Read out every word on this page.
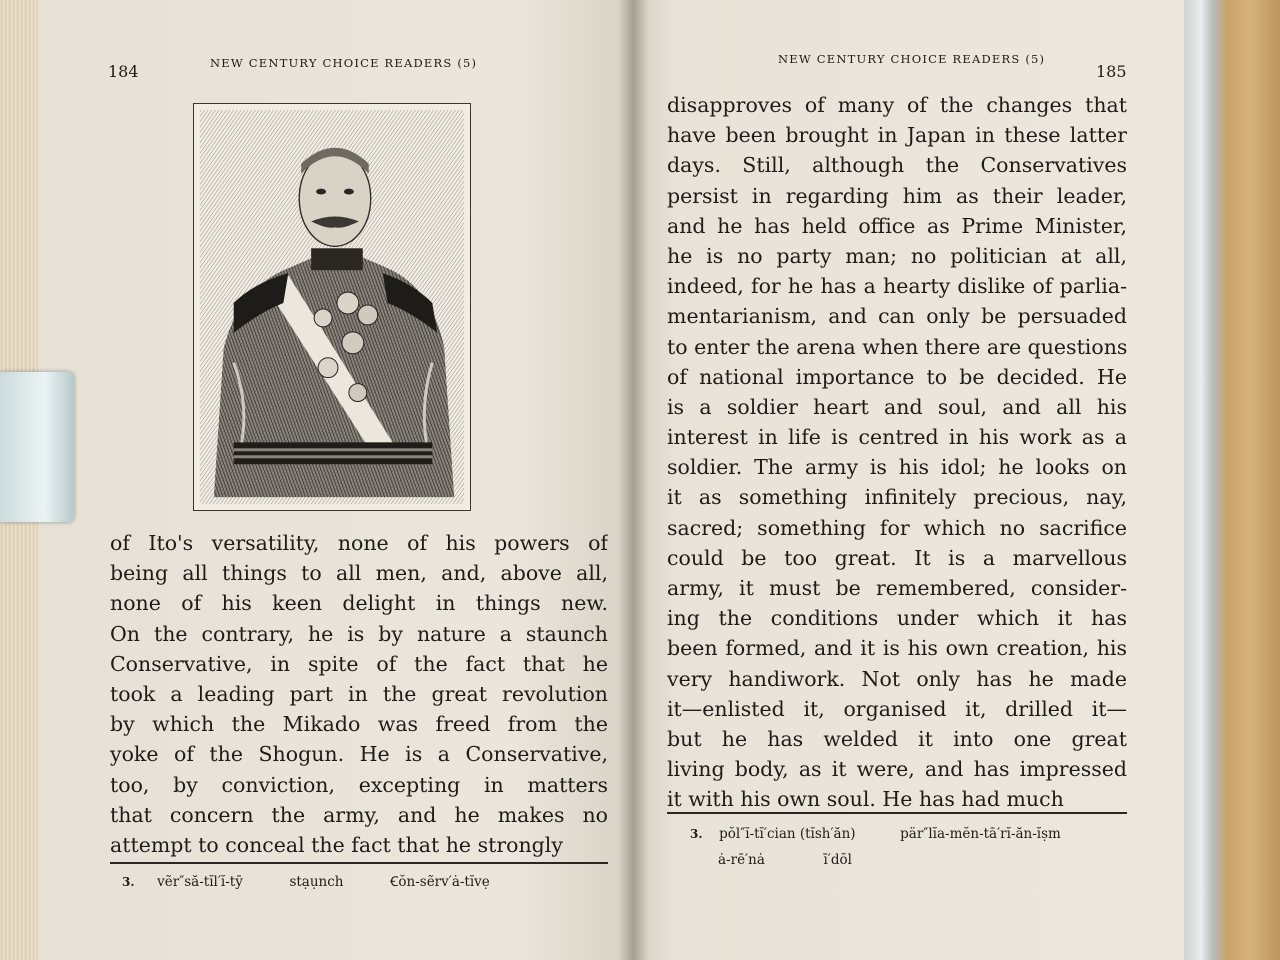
184	NEW CENTURY CHOICE READERS (5)
of Ito's versatility, none of his powers of
being all things to all men, and, above all,
none of his keen delight in things new.
On the contrary, he is by nature a staunch
Conservative, in spite of the fact that he
took a leading part in the great revolution
by which the Mikado was freed from the
yoke of the Shogun. He is a Conservative,
too, by conviction, excepting in matters
that concern the army, and he makes no
attempt to conceal the fact that he strongly
3. vẽr″să-tĭl′ĭ-tȳ	stạụnch	Ꞓŏn-sẽrv′ȧ-tĭvẹ
NEW CENTURY CHOICE READERS (5)
185
disapproves of many of the changes that
have been brought in Japan in these latter
days. Still, although the Conservatives
persist in regarding him as their leader,
and he has held office as Prime Minister,
he is no party man; no politician at all,
indeed, for he has a hearty dislike of parlia-
mentarianism, and can only be persuaded
to enter the arena when there are questions
of national importance to be decided. He
is a soldier heart and soul, and all his
interest in life is centred in his work as a
soldier. The army is his idol; he looks on
it as something infinitely precious, nay,
sacred; something for which no sacrifice
could be too great. It is a marvellous
army, it must be remembered, consider-
ing the conditions under which it has
been formed, and it is his own creation, his
very handiwork. Not only has he made
it—enlisted it, organised it, drilled it—
but he has welded it into one great
living body, as it were, and has impressed
it with his own soul. He has had much
3. pŏl″ĭ-tĭ′cian (tĭsh′ăn)	pär″lĭa-mĕn-tā′rĭ-ăn-ĭṣm
ȧ-rē′nȧ	ī′dŏl
